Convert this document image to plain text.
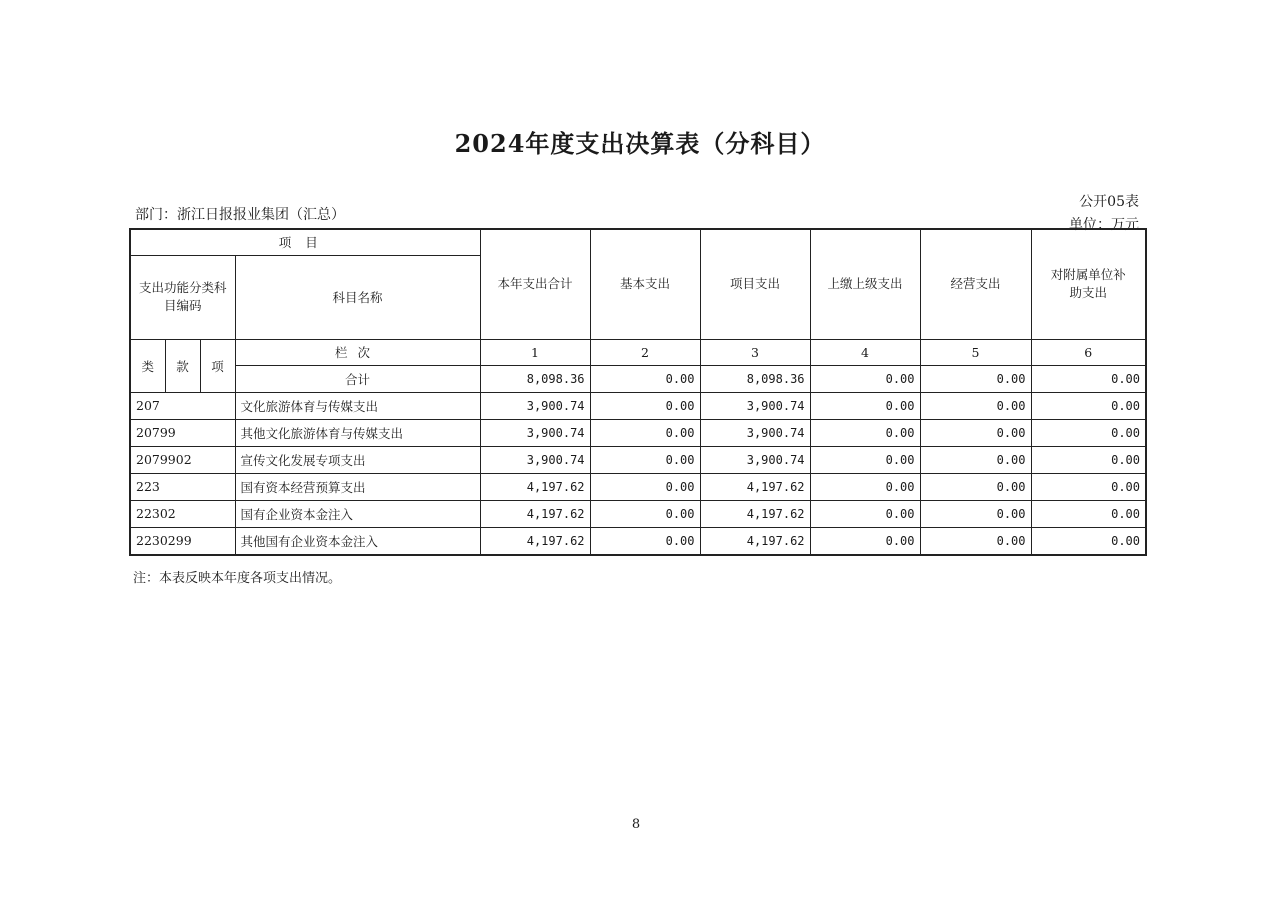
2024年度支出决算表（分科目）
公开05表
部门：浙江日报报业集团（汇总）
单位：万元
项目				本年支出合计	基本支出	项目支出	上缴上级支出	经营支出	对附属单位补助支出
支出功能分类科目编码			科目名称						
类	款	项	栏次	1	2	3	4	5	6
			合计	8,098.36	0.00	8,098.36	0.00	0.00	0.00
207			文化旅游体育与传媒支出	3,900.74	0.00	3,900.74	0.00	0.00	0.00
20799			其他文化旅游体育与传媒支出	3,900.74	0.00	3,900.74	0.00	0.00	0.00
2079902			宣传文化发展专项支出	3,900.74	0.00	3,900.74	0.00	0.00	0.00
223			国有资本经营预算支出	4,197.62	0.00	4,197.62	0.00	0.00	0.00
22302			国有企业资本金注入	4,197.62	0.00	4,197.62	0.00	0.00	0.00
2230299			其他国有企业资本金注入	4,197.62	0.00	4,197.62	0.00	0.00	0.00
注：本表反映本年度各项支出情况。
8
